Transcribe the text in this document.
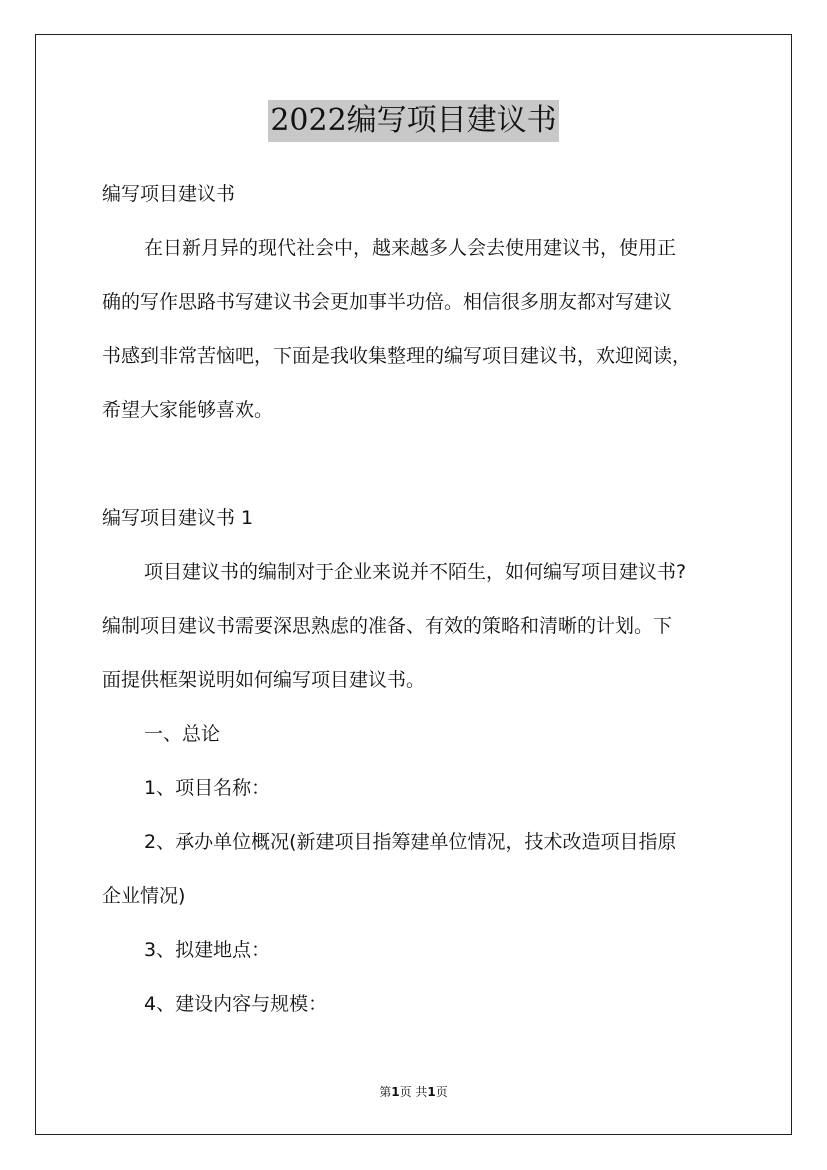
2022编写项目建议书
编写项目建议书
在日新月异的现代社会中，越来越多人会去使用建议书，使用正
确的写作思路书写建议书会更加事半功倍。相信很多朋友都对写建议
书感到非常苦恼吧，下面是我收集整理的编写项目建议书，欢迎阅读，
希望大家能够喜欢。
编写项目建议书 1
项目建议书的编制对于企业来说并不陌生，如何编写项目建议书?
编制项目建议书需要深思熟虑的准备、有效的策略和清晰的计划。下
面提供框架说明如何编写项目建议书。
一、总论
1、项目名称：
2、承办单位概况(新建项目指筹建单位情况，技术改造项目指原
企业情况)
3、拟建地点：
4、建设内容与规模：
第1页 共1页
